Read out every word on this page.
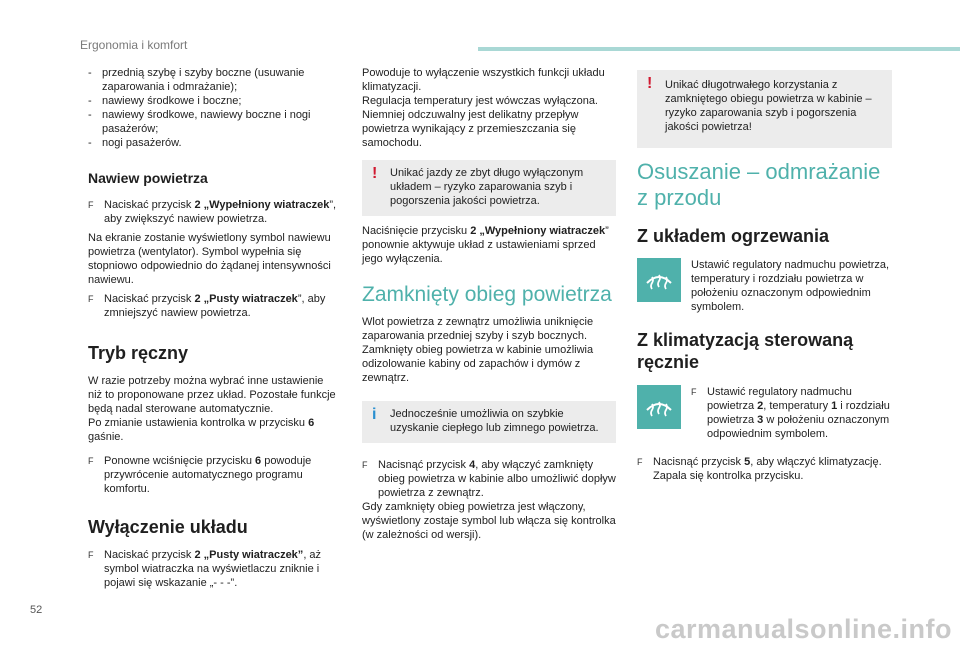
Ergonomia i komfort
- przednią szybę i szyby boczne (usuwanie zaparowania i odmrażanie);
- nawiewy środkowe i boczne;
- nawiewy środkowe, nawiewy boczne i nogi pasażerów;
- nogi pasażerów.
Nawiew powietrza

F Naciskać przycisk 2 „Wypełniony wiatraczek”, aby zwiększyć nawiew powietrza.

Na ekranie zostanie wyświetlony symbol nawiewu powietrza (wentylator). Symbol wypełnia się stopniowo odpowiednio do żądanej intensywności nawiewu.

F Naciskać przycisk 2 „Pusty wiatraczek”, aby zmniejszyć nawiew powietrza.

Tryb ręczny

W razie potrzeby można wybrać inne ustawienie niż to proponowane przez układ. Pozostałe funkcje będą nadal sterowane automatycznie.

Po zmianie ustawienia kontrolka w przycisku 6 gaśnie.

F Ponowne wciśnięcie przycisku 6 powoduje przywrócenie automatycznego programu komfortu.

Wyłączenie układu

F Naciskać przycisk 2 „Pusty wiatraczek”, aż symbol wiatraczka na wyświetlaczu zniknie i pojawi się wskazanie „- - -”.

Powoduje to wyłączenie wszystkich funkcji układu klimatyzacji.

Regulacja temperatury jest wówczas wyłączona. Niemniej odczuwalny jest delikatny przepływ powietrza wynikający z przemieszczania się samochodu.

! Unikać jazdy ze zbyt długo wyłączonym układem – ryzyko zaparowania szyb i pogorszenia jakości powietrza.

Naciśnięcie przycisku 2 „Wypełniony wiatraczek” ponownie aktywuje układ z ustawieniami sprzed jego wyłączenia.

Zamknięty obieg powietrza

Wlot powietrza z zewnątrz umożliwia uniknięcie zaparowania przedniej szyby i szyb bocznych. Zamknięty obieg powietrza w kabinie umożliwia odizolowanie kabiny od zapachów i dymów z zewnątrz.

i Jednocześnie umożliwia on szybkie uzyskanie ciepłego lub zimnego powietrza.

F Nacisnąć przycisk 4, aby włączyć zamknięty obieg powietrza w kabinie albo umożliwić dopływ powietrza z zewnątrz.

Gdy zamknięty obieg powietrza jest włączony, wyświetlony zostaje symbol lub włącza się kontrolka (w zależności od wersji).

! Unikać długotrwałego korzystania z zamkniętego obiegu powietrza w kabinie – ryzyko zaparowania szyb i pogorszenia jakości powietrza!
Osuszanie – odmrażanie z przodu
Z układem ogrzewania

Ustawić regulatory nadmuchu powietrza, temperatury i rozdziału powietrza w położeniu oznaczonym odpowiednim symbolem.

Z klimatyzacją sterowaną ręcznie

F Ustawić regulatory nadmuchu powietrza 2, temperatury 1 i rozdziału powietrza 3 w położeniu oznaczonym odpowiednim symbolem.

F Nacisnąć przycisk 5, aby włączyć klimatyzację. Zapala się kontrolka przycisku.

52
carmanualsonline.info
